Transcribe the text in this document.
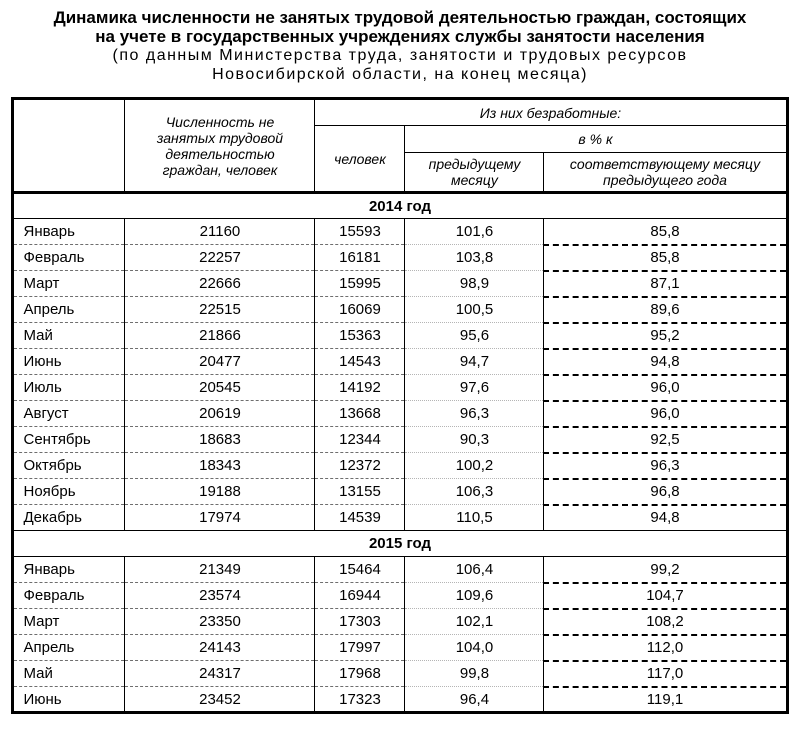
Динамика численности не занятых трудовой деятельностью граждан, состоящих
на учете в государственных учреждениях службы занятости населения
(по данным Министерства труда, занятости и трудовых ресурсов
Новосибирской области, на конец месяца)

	Численность не занятых трудовой деятельностью граждан, человек	Из них безработные:		
		человек	в % к	
			предыдущему месяцу	соответствующему месяцу предыдущего года
2014 год				
Январь	21160	15593	101,6	85,8
Февраль	22257	16181	103,8	85,8
Март	22666	15995	98,9	87,1
Апрель	22515	16069	100,5	89,6
Май	21866	15363	95,6	95,2
Июнь	20477	14543	94,7	94,8
Июль	20545	14192	97,6	96,0
Август	20619	13668	96,3	96,0
Сентябрь	18683	12344	90,3	92,5
Октябрь	18343	12372	100,2	96,3
Ноябрь	19188	13155	106,3	96,8
Декабрь	17974	14539	110,5	94,8
2015 год				
Январь	21349	15464	106,4	99,2
Февраль	23574	16944	109,6	104,7
Март	23350	17303	102,1	108,2
Апрель	24143	17997	104,0	112,0
Май	24317	17968	99,8	117,0
Июнь	23452	17323	96,4	119,1
